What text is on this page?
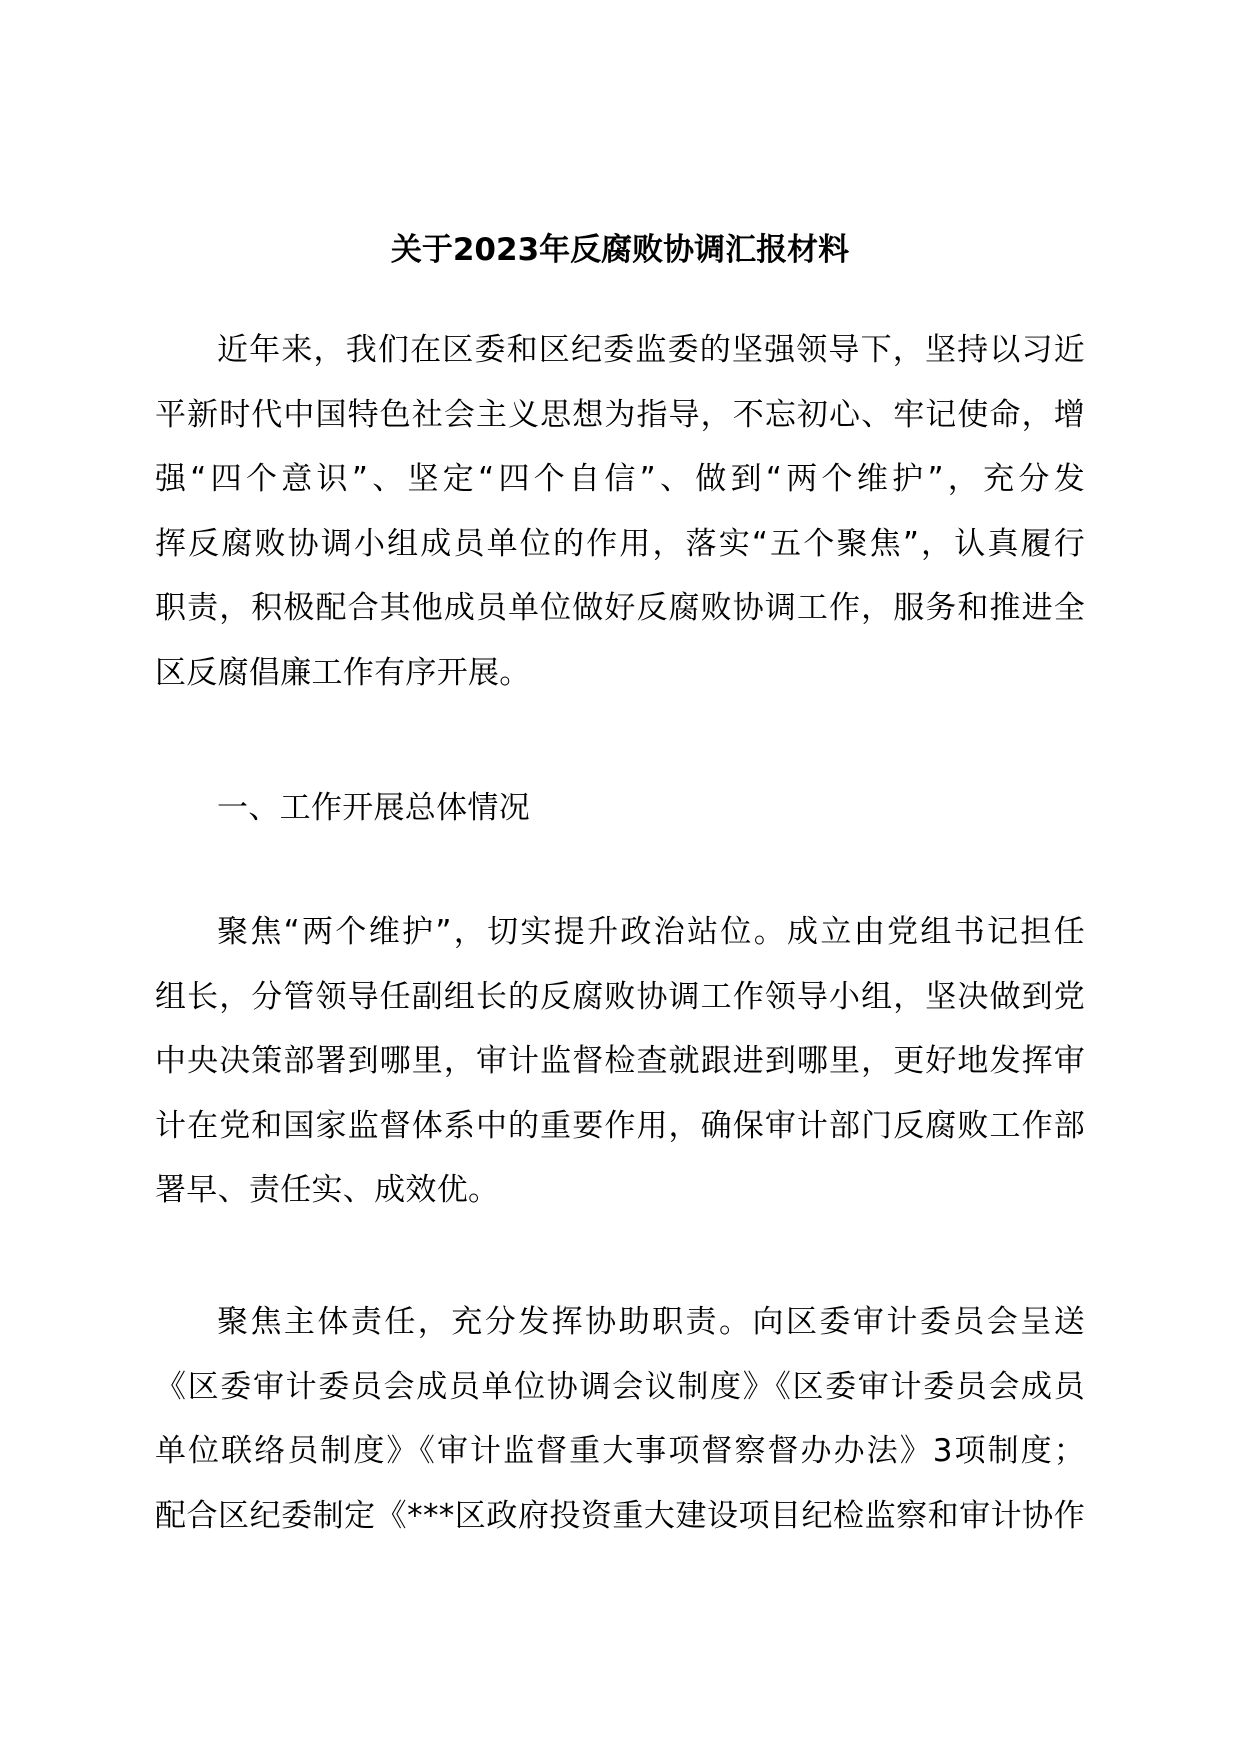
关于2023年反腐败协调汇报材料
近年来，我们在区委和区纪委监委的坚强领导下，坚持以习近
平新时代中国特色社会主义思想为指导，不忘初心、牢记使命，增
强“四个意识”、坚定“四个自信”、做到“两个维护”，充分发
挥反腐败协调小组成员单位的作用，落实“五个聚焦”，认真履行
职责，积极配合其他成员单位做好反腐败协调工作，服务和推进全
区反腐倡廉工作有序开展。
一、工作开展总体情况
聚焦“两个维护”，切实提升政治站位。成立由党组书记担任
组长，分管领导任副组长的反腐败协调工作领导小组，坚决做到党
中央决策部署到哪里，审计监督检查就跟进到哪里，更好地发挥审
计在党和国家监督体系中的重要作用，确保审计部门反腐败工作部
署早、责任实、成效优。
聚焦主体责任，充分发挥协助职责。向区委审计委员会呈送
《区委审计委员会成员单位协调会议制度》《区委审计委员会成员
单位联络员制度》《审计监督重大事项督察督办办法》3项制度；
配合区纪委制定《***区政府投资重大建设项目纪检监察和审计协作
